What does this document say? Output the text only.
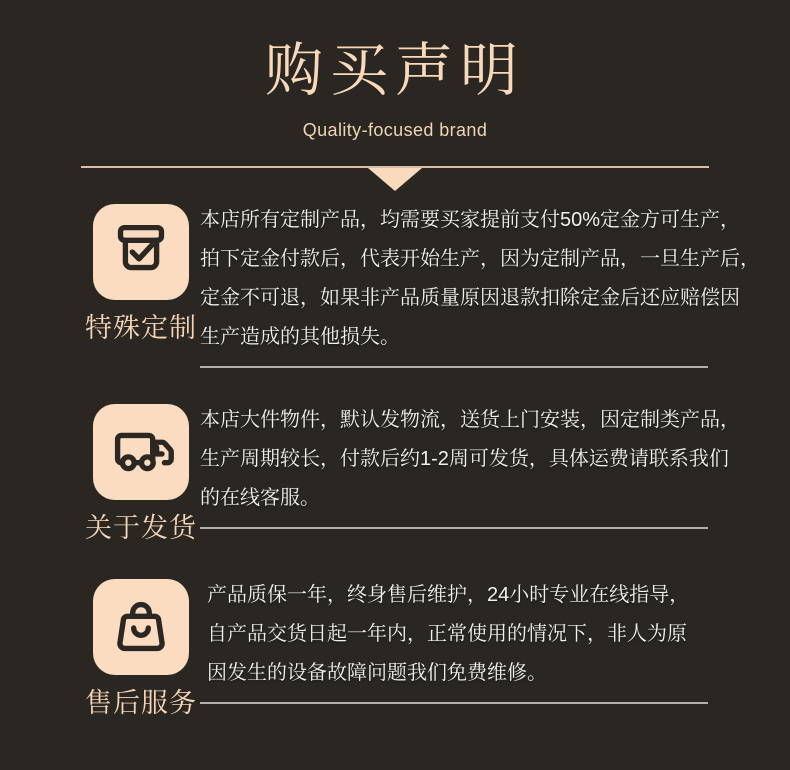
购买声明
Quality-focused brand
特殊定制
本店所有定制产品，均需要买家提前支付50%定金方可生产，
拍下定金付款后，代表开始生产，因为定制产品，一旦生产后，
定金不可退，如果非产品质量原因退款扣除定金后还应赔偿因
生产造成的其他损失。
关于发货
本店大件物件，默认发物流，送货上门安装，因定制类产品，
生产周期较长，付款后约1-2周可发货，具体运费请联系我们
的在线客服。
售后服务
产品质保一年，终身售后维护，24小时专业在线指导，
自产品交货日起一年内，正常使用的情况下，非人为原
因发生的设备故障问题我们免费维修。
